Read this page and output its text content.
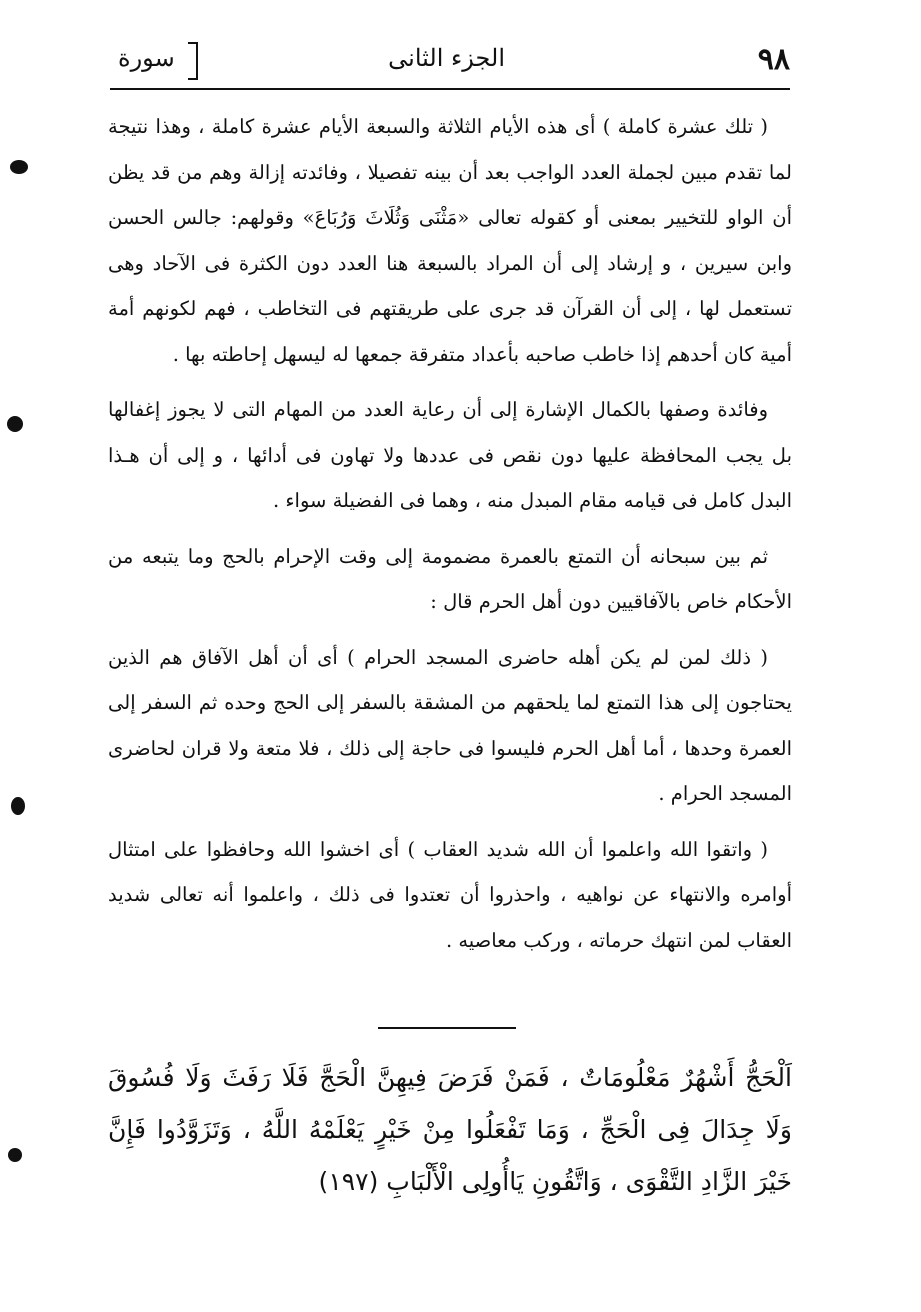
٩٨
الجزء الثانى
سورة

( تلك عشرة كاملة ) أى هذه الأيام الثلاثة والسبعة الأيام عشرة كاملة ، وهذا نتيجة لما تقدم مبين لجملة العدد الواجب بعد أن بينه تفصيلا ، وفائدته إزالة وهم من قد يظن أن الواو للتخيير بمعنى أو كقوله تعالى «مَثْنَى وَثُلَاثَ وَرُبَاعَ» وقولهم: جالس الحسن وابن سيرين ، و إرشاد إلى أن المراد بالسبعة هنا العدد دون الكثرة فى الآحاد وهى تستعمل لها ، إلى أن القرآن قد جرى على طريقتهم فى التخاطب ، فهم لكونهم أمة أمية كان أحدهم إذا خاطب صاحبه بأعداد متفرقة جمعها له ليسهل إحاطته بها .

وفائدة وصفها بالكمال الإشارة إلى أن رعاية العدد من المهام التى لا يجوز إغفالها بل يجب المحافظة عليها دون نقص فى عددها ولا تهاون فى أدائها ، و إلى أن هـذا البدل كامل فى قيامه مقام المبدل منه ، وهما فى الفضيلة سواء .

ثم بين سبحانه أن التمتع بالعمرة مضمومة إلى وقت الإحرام بالحج وما يتبعه من الأحكام خاص بالآفاقيين دون أهل الحرم قال :

( ذلك لمن لم يكن أهله حاضرى المسجد الحرام ) أى أن أهل الآفاق هم الذين يحتاجون إلى هذا التمتع لما يلحقهم من المشقة بالسفر إلى الحج وحده ثم السفر إلى العمرة وحدها ، أما أهل الحرم فليسوا فى حاجة إلى ذلك ، فلا متعة ولا قران لحاضرى المسجد الحرام .

( واتقوا الله واعلموا أن الله شديد العقاب ) أى اخشوا الله وحافظوا على امتثال أوامره والانتهاء عن نواهيه ، واحذروا أن تعتدوا فى ذلك ، واعلموا أنه تعالى شديد العقاب لمن انتهك حرماته ، وركب معاصيه .

اَلْحَجُّ أَشْهُرٌ مَعْلُومَاتٌ ، فَمَنْ فَرَضَ فِيهِنَّ الْحَجَّ فَلَا رَفَثَ وَلَا فُسُوقَ وَلَا جِدَالَ فِى الْحَجِّ ، وَمَا تَفْعَلُوا مِنْ خَيْرٍ يَعْلَمْهُ اللَّهُ ، وَتَزَوَّدُوا فَإِنَّ خَيْرَ الزَّادِ التَّقْوَى ، وَاتَّقُونِ يَاأُولِى الْأَلْبَابِ (١٩٧)
